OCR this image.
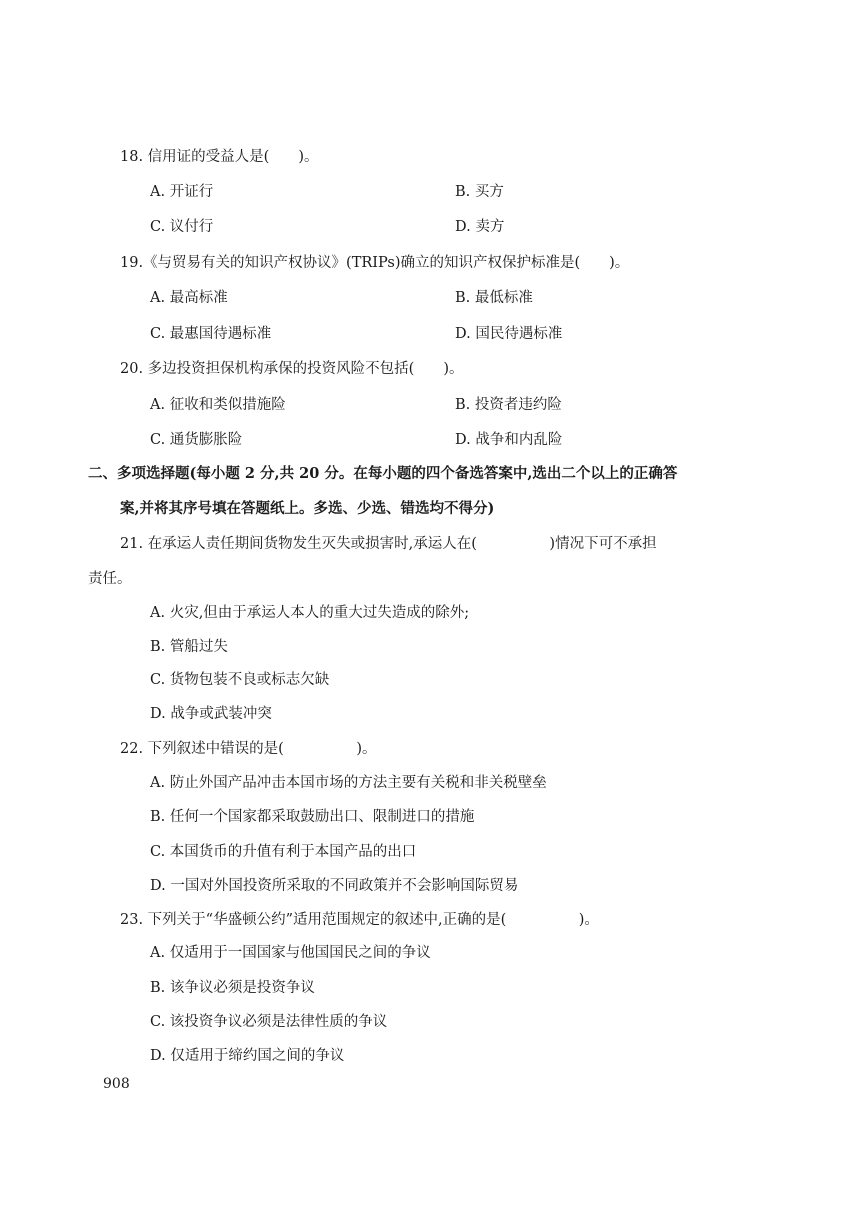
18. 信用证的受益人是(　　)。
A. 开证行	B. 买方
C. 议付行	D. 卖方
19.《与贸易有关的知识产权协议》(TRIPs)确立的知识产权保护标准是(　　)。
A. 最高标准	B. 最低标准
C. 最惠国待遇标准	D. 国民待遇标准
20. 多边投资担保机构承保的投资风险不包括(　　)。
A. 征收和类似措施险	B. 投资者违约险
C. 通货膨胀险	D. 战争和内乱险
二、多项选择题(每小题 2 分,共 20 分。在每小题的四个备选答案中,选出二个以上的正确答
案,并将其序号填在答题纸上。多选、少选、错选均不得分)
21. 在承运人责任期间货物发生灭失或损害时,承运人在(　　　　　)情况下可不承担
责任。
A. 火灾,但由于承运人本人的重大过失造成的除外;
B. 管船过失
C. 货物包装不良或标志欠缺
D. 战争或武装冲突
22. 下列叙述中错误的是(　　　　　)。
A. 防止外国产品冲击本国市场的方法主要有关税和非关税壁垒
B. 任何一个国家都采取鼓励出口、限制进口的措施
C. 本国货币的升值有利于本国产品的出口
D. 一国对外国投资所采取的不同政策并不会影响国际贸易
23. 下列关于“华盛顿公约”适用范围规定的叙述中,正确的是(　　　　　)。
A. 仅适用于一国国家与他国国民之间的争议
B. 该争议必须是投资争议
C. 该投资争议必须是法律性质的争议
D. 仅适用于缔约国之间的争议
908
